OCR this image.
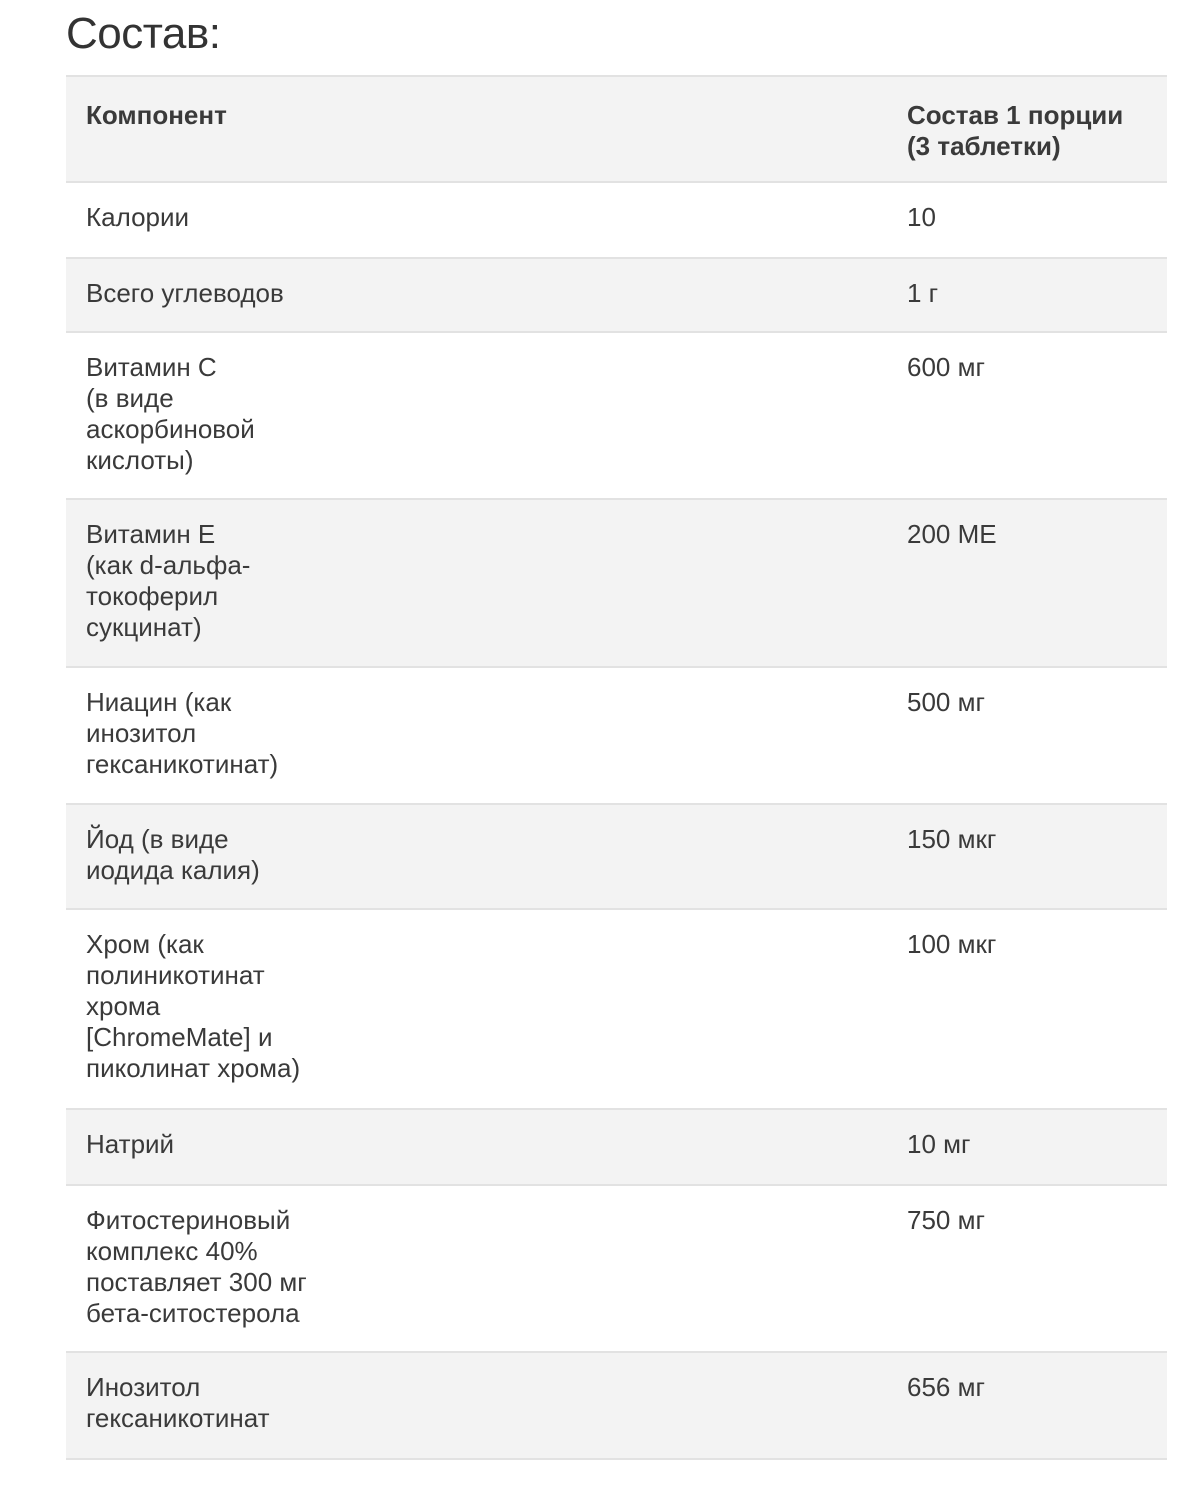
Состав:
Компонент	Состав 1 порции
(3 таблетки)

Калории	10

Всего углеводов	1 г

Витамин С
(в виде
аскорбиновой
кислоты)	600 мг

Витамин Е
(как d-альфа-
токоферил
сукцинат)	200 МЕ

Ниацин (как
инозитол
гексаникотинат)	500 мг

Йод (в виде
иодида калия)	150 мкг

Хром (как
полиникотинат
хрома
[ChromeMate] и
пиколинат хрома)	100 мкг

Натрий	10 мг

Фитостериновый
комплекс 40%
поставляет 300 мг
бета-ситостерола	750 мг

Инозитол
гексаникотинат	656 мг
